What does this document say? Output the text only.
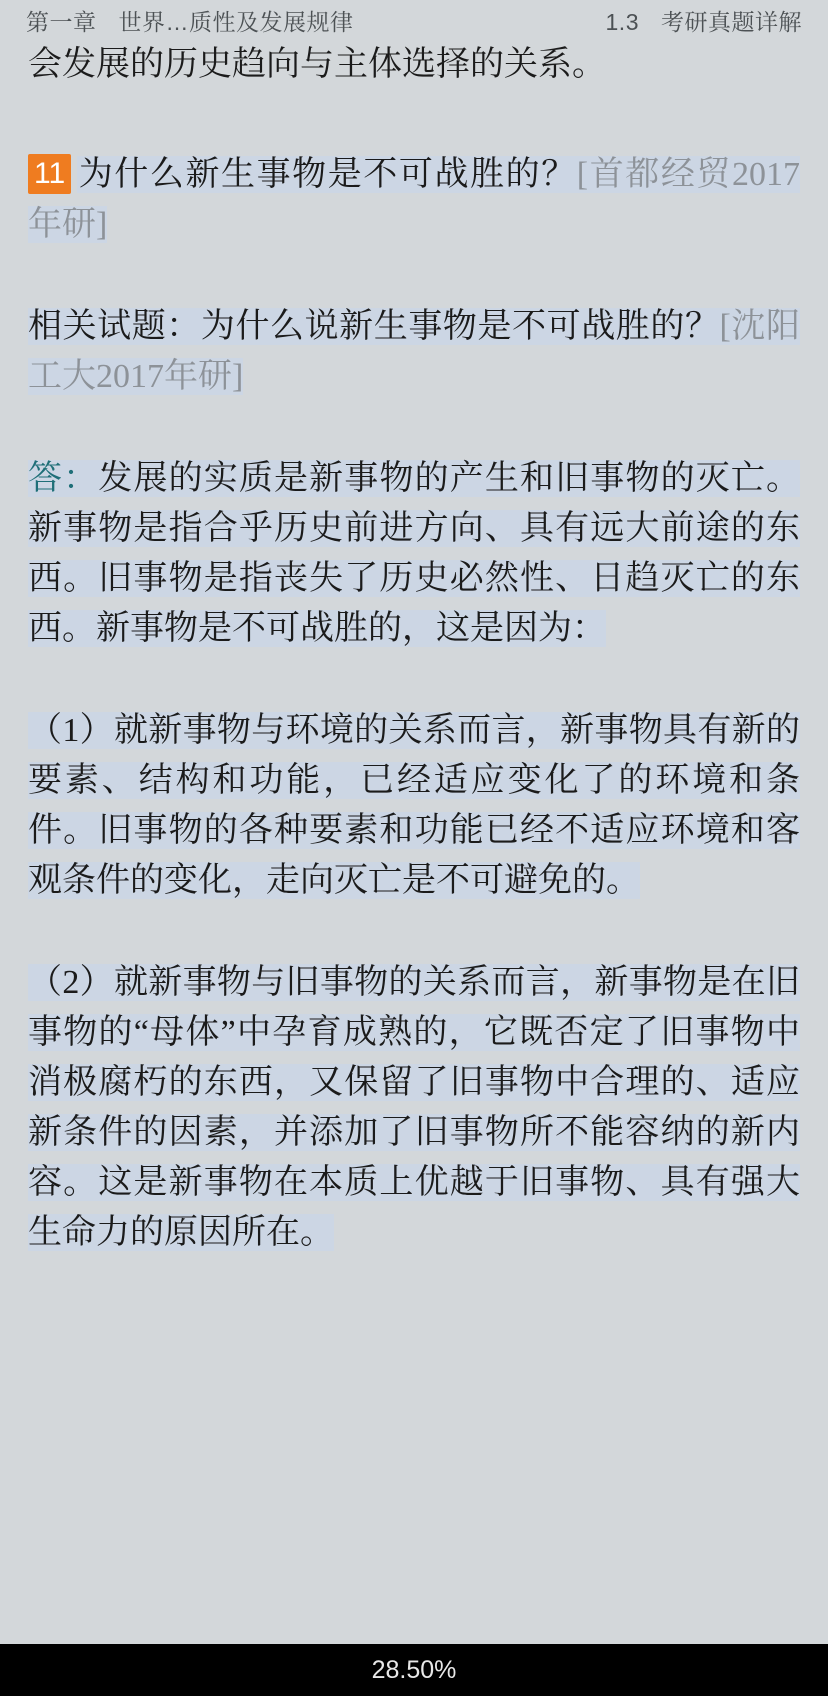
第一章 世界…质性及发展规律	1.3 考研真题详解

会发展的历史趋向与主体选择的关系。

11 为什么新生事物是不可战胜的？[首都经贸2017年研]

相关试题：为什么说新生事物是不可战胜的？[沈阳工大2017年研]

答：发展的实质是新事物的产生和旧事物的灭亡。新事物是指合乎历史前进方向、具有远大前途的东西。旧事物是指丧失了历史必然性、日趋灭亡的东西。新事物是不可战胜的，这是因为：

（1）就新事物与环境的关系而言，新事物具有新的要素、结构和功能，已经适应变化了的环境和条件。旧事物的各种要素和功能已经不适应环境和客观条件的变化，走向灭亡是不可避免的。

（2）就新事物与旧事物的关系而言，新事物是在旧事物的“母体”中孕育成熟的，它既否定了旧事物中消极腐朽的东西，又保留了旧事物中合理的、适应新条件的因素，并添加了旧事物所不能容纳的新内容。这是新事物在本质上优越于旧事物、具有强大生命力的原因所在。

28.50%
